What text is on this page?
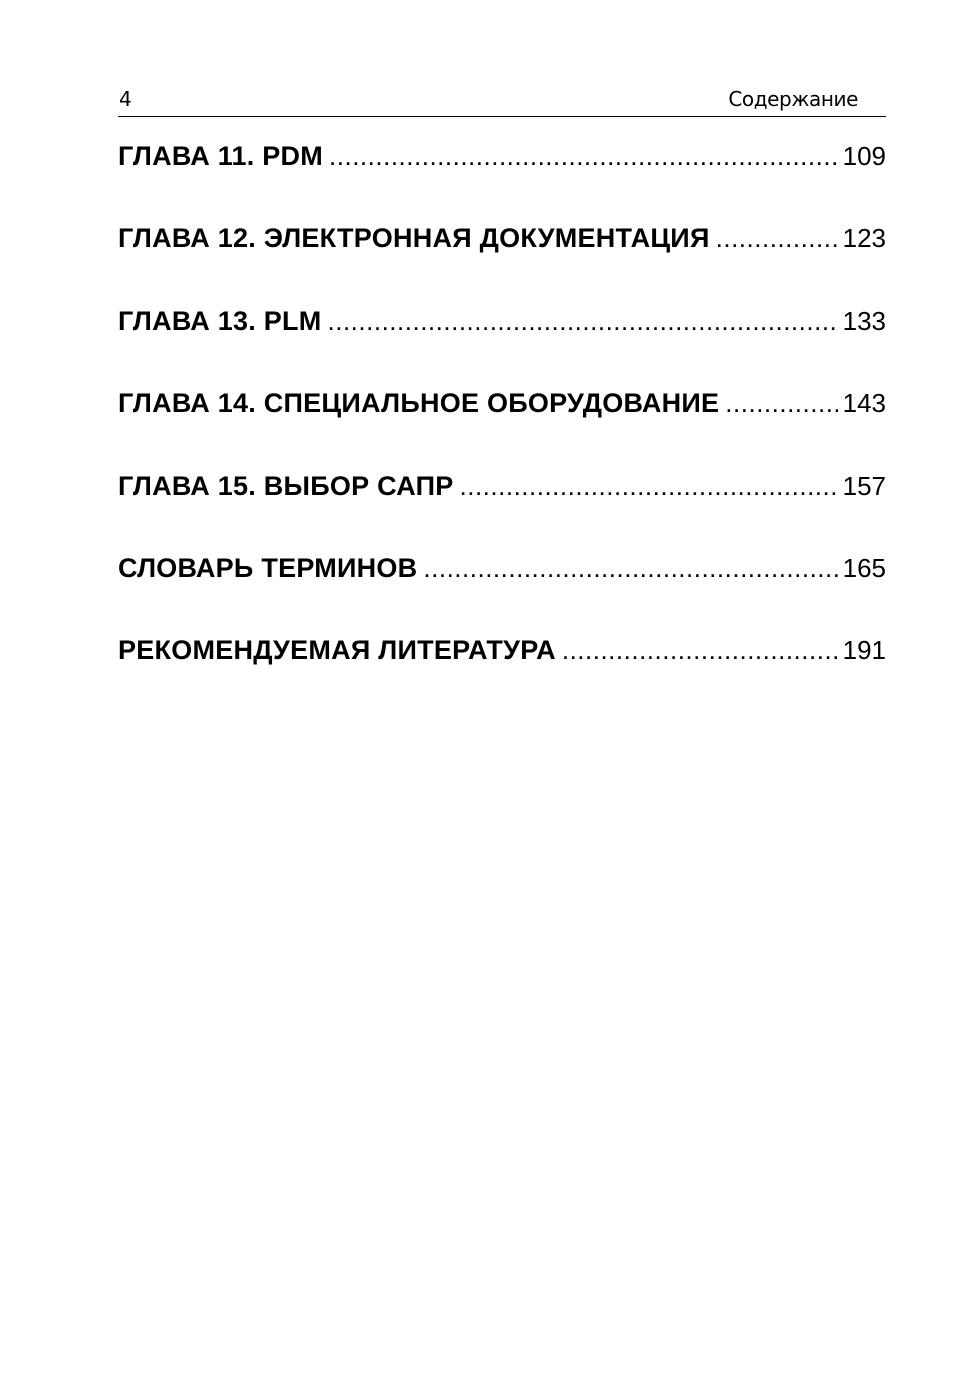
4	Содержание
ГЛАВА 11. PDM .....	109
ГЛАВА 12. ЭЛЕКТРОННАЯ ДОКУМЕНТАЦИЯ .....	123
ГЛАВА 13. PLM .....	133
ГЛАВА 14. СПЕЦИАЛЬНОЕ ОБОРУДОВАНИЕ .....	143
ГЛАВА 15. ВЫБОР САПР .....	157
СЛОВАРЬ ТЕРМИНОВ .....	165
РЕКОМЕНДУЕМАЯ ЛИТЕРАТУРА .....	191
